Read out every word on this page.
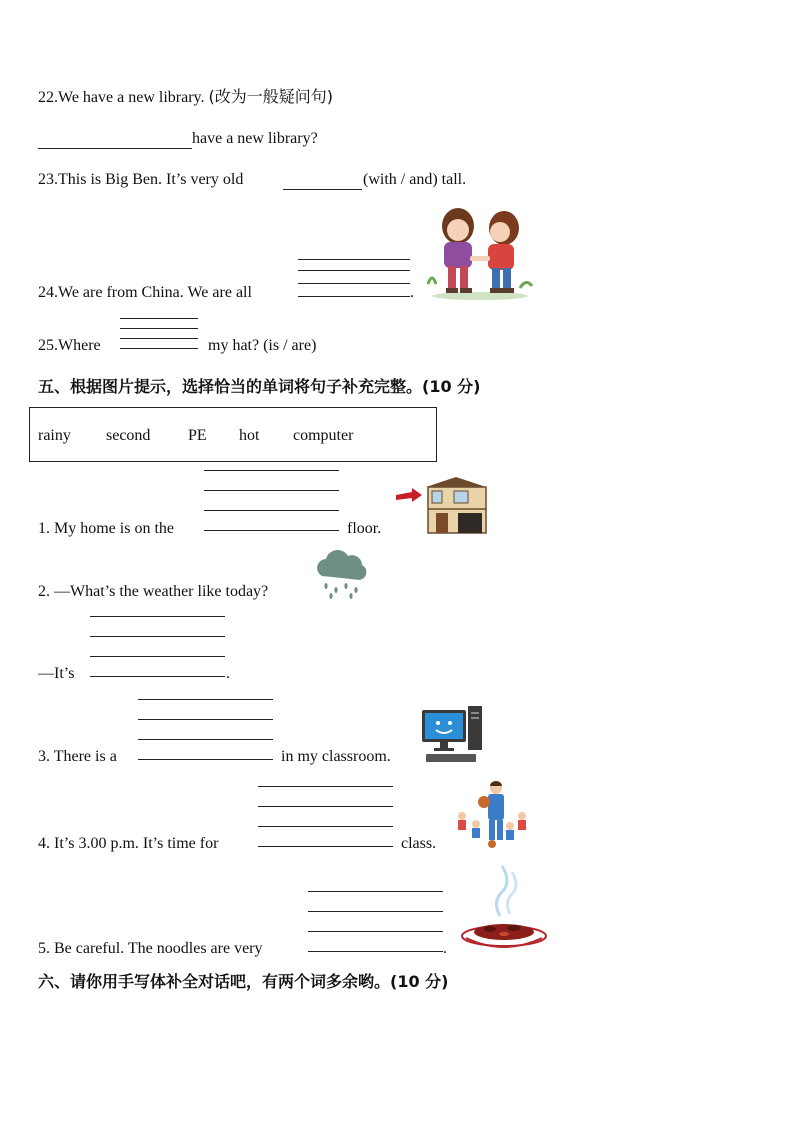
22.We have a new library. (改为一般疑问句)
have a new library?
23.This is Big Ben. It’s very old	(with / and) tall.
24.We are from China. We are all	.
25.Where	my hat? (is / are)
五、根据图片提示，选择恰当的单词将句子补充完整。(10 分)
rainy second PE hot computer
1. My home is on the	floor.
2. —What’s the weather like today?
—It’s	.
3. There is a	in my classroom.
4. It’s 3.00 p.m. It’s time for	class.
5. Be careful. The noodles are very	.
六、请你用手写体补全对话吧，有两个词多余哟。(10 分)
